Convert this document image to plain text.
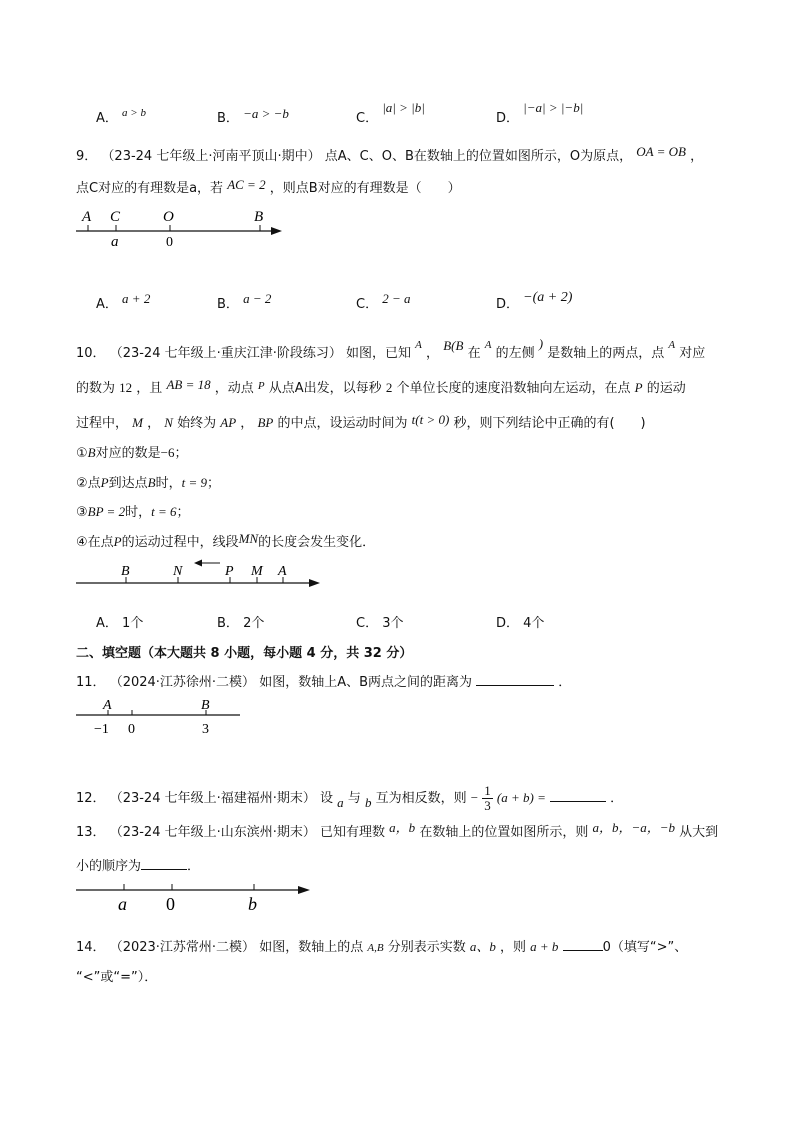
A． $^{a > b}$	B． −a > −b	C． |a| > |b|
D． |−a| > |−b|
9． （23-24 七年级上·河南平顶山·期中） 点A、C、O、B在数轴上的位置如图所示，O为原点， OA = OB ，
点C对应的有理数是a，若 AC = 2 ，则点B对应的有理数是（　　）
A C	O	B
a	0
A． a + 2	B． a − 2	C． 2 − a	D． −(a + 2)
10． （23-24 七年级上·重庆江津·阶段练习） 如图，已知 $^A$ ， B(B 在 $^A$ 的左侧 ) 是数轴上的两点，点 $^A$ 对应
的数为 12 ，且 AB = 18 ，动点 $^P$ 从点A出发，以每秒 2 个单位长度的速度沿数轴向左运动，在点 P 的运动
过程中， M ， N 始终为 AP ， BP 的中点，设运动时间为 t(t > 0) 秒，则下列结论中正确的有(　　)
①B对应的数是−6；
②点P到达点B时，t = 9；
③BP = 2时，t = 6；
④在点P的运动过程中，线段MN的长度会发生变化．
B	N	P M A
A． 1个	B． 2个	C． 3个	D． 4个
二、填空题（本大题共 8 小题，每小题 4 分，共 32 分）
11． （2024·江苏徐州·二模） 如图，数轴上A、B两点之间的距离为	．
A	B
−1 0	3
12． （23-24 七年级上·福建福州·期末） 设 a 与 b 互为相反数，则 − $\frac{1}{3} (a + b)$ =	．
13． （23-24 七年级上·山东滨州·期末） 已知有理数 a，b 在数轴上的位置如图所示，则 a，b，−a，−b 从大到
小的顺序为	．
a 0	b
14． （2023·江苏常州·二模） 如图，数轴上的点 A,B 分别表示实数 a、b ，则 a + b	0（填写“>”、
“<”或“=”）．
